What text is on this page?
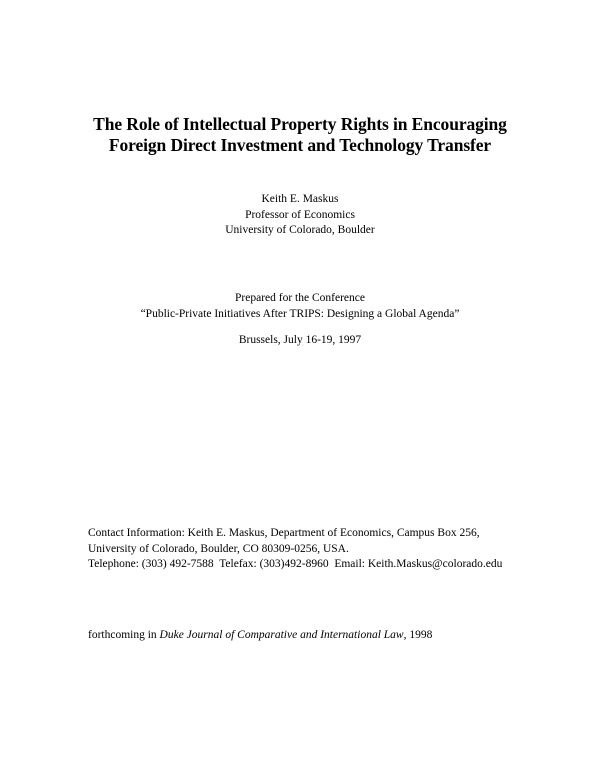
The Role of Intellectual Property Rights in Encouraging
Foreign Direct Investment and Technology Transfer
Keith E. Maskus
Professor of Economics
University of Colorado, Boulder
Prepared for the Conference
“Public-Private Initiatives After TRIPS: Designing a Global Agenda”
Brussels, July 16-19, 1997
Contact Information: Keith E. Maskus, Department of Economics, Campus Box 256,
University of Colorado, Boulder, CO 80309-0256, USA.
Telephone: (303) 492-7588  Telefax: (303)492-8960  Email: Keith.Maskus@colorado.edu
forthcoming in Duke Journal of Comparative and International Law, 1998
